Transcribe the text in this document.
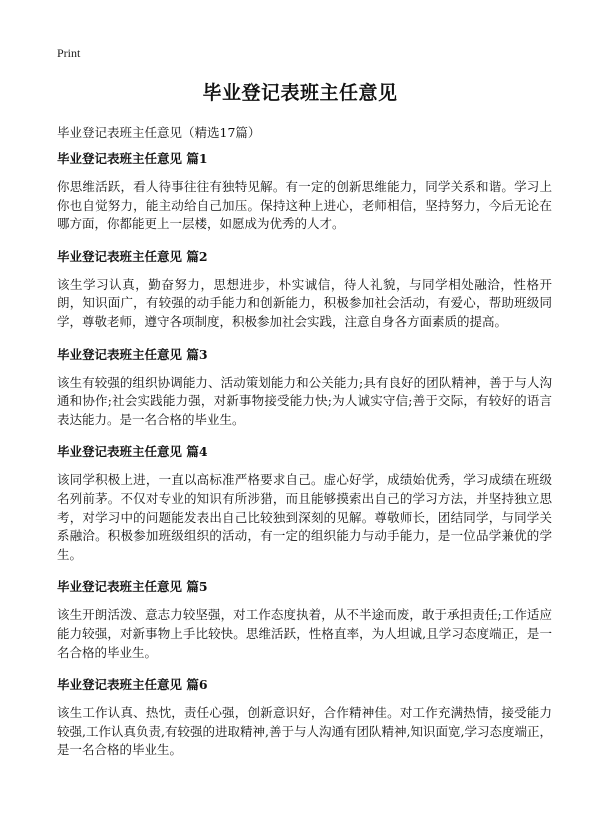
Print
毕业登记表班主任意见
毕业登记表班主任意见（精选17篇）

毕业登记表班主任意见 篇1

你思维活跃，看人待事往往有独特见解。有一定的创新思维能力，同学关系和谐。学习上你也自觉努力，能主动给自己加压。保持这种上进心，老师相信，坚持努力，今后无论在哪方面，你都能更上一层楼，如愿成为优秀的人才。

毕业登记表班主任意见 篇2

该生学习认真，勤奋努力，思想进步，朴实诚信，待人礼貌，与同学相处融洽，性格开朗，知识面广，有较强的动手能力和创新能力，积极参加社会活动，有爱心，帮助班级同学，尊敬老师，遵守各项制度，积极参加社会实践，注意自身各方面素质的提高。

毕业登记表班主任意见 篇3

该生有较强的组织协调能力、活动策划能力和公关能力;具有良好的团队精神，善于与人沟通和协作;社会实践能力强，对新事物接受能力快;为人诚实守信;善于交际，有较好的语言表达能力。是一名合格的毕业生。

毕业登记表班主任意见 篇4

该同学积极上进，一直以高标准严格要求自己。虚心好学，成绩始优秀，学习成绩在班级名列前茅。不仅对专业的知识有所涉猎，而且能够摸索出自己的学习方法，并坚持独立思考，对学习中的问题能发表出自己比较独到深刻的见解。尊敬师长，团结同学，与同学关系融洽。积极参加班级组织的活动，有一定的组织能力与动手能力，是一位品学兼优的学生。

毕业登记表班主任意见 篇5

该生开朗活泼、意志力较坚强，对工作态度执着，从不半途而废，敢于承担责任;工作适应能力较强，对新事物上手比较快。思维活跃，性格直率，为人坦诚,且学习态度端正，是一名合格的毕业生。

毕业登记表班主任意见 篇6

该生工作认真、热忱，责任心强，创新意识好，合作精神佳。对工作充满热情，接受能力较强,工作认真负责,有较强的进取精神,善于与人沟通有团队精神,知识面宽,学习态度端正，是一名合格的毕业生。
